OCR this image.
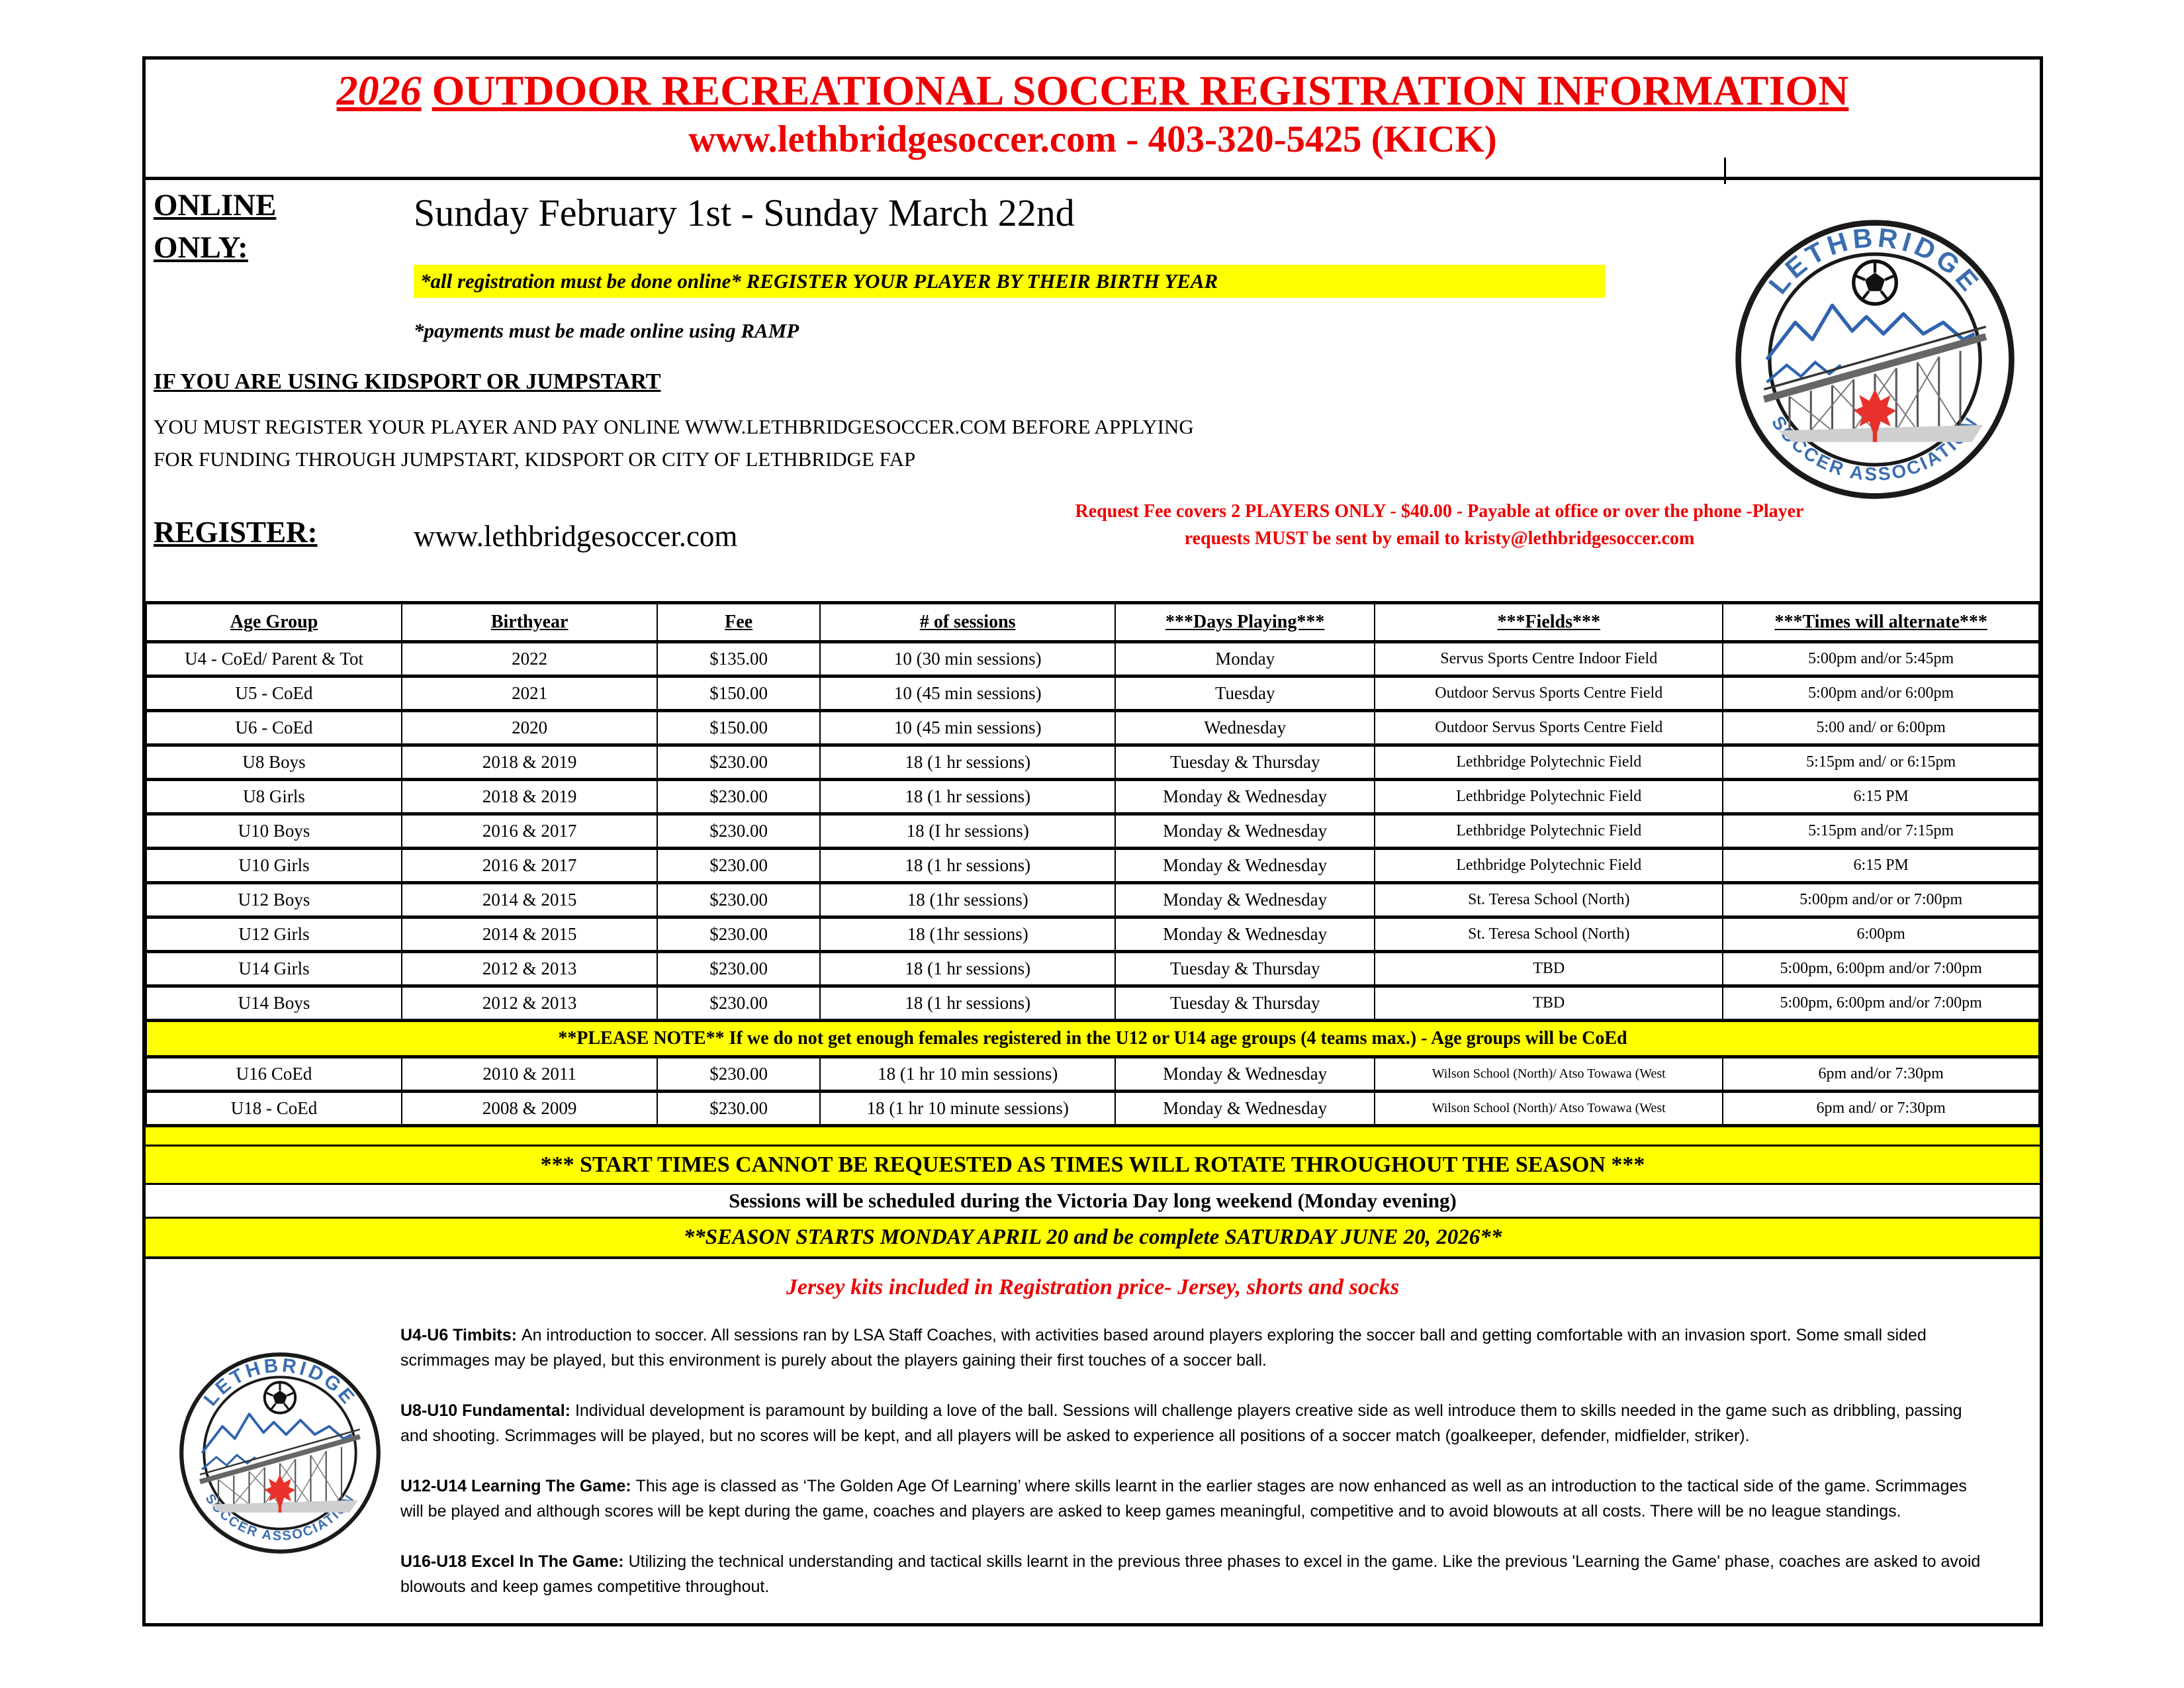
2026 OUTDOOR RECREATIONAL SOCCER REGISTRATION INFORMATION
www.lethbridgesoccer.com - 403-320-5425 (KICK)
ONLINE
ONLY:
Sunday February 1st - Sunday March 22nd
*all registration must be done online* REGISTER YOUR PLAYER BY THEIR BIRTH YEAR
*payments must be made online using RAMP
IF YOU ARE USING KIDSPORT OR JUMPSTART
YOU MUST REGISTER YOUR PLAYER AND PAY ONLINE WWW.LETHBRIDGESOCCER.COM BEFORE APPLYING
FOR FUNDING THROUGH JUMPSTART, KIDSPORT OR CITY OF LETHBRIDGE FAP
REGISTER:	www.lethbridgesoccer.com
Request Fee covers 2 PLAYERS ONLY - $40.00 - Payable at office or over the phone -Player
requests MUST be sent by email to kristy@lethbridgesoccer.com
Age Group	Birthyear	Fee	# of sessions	***Days Playing***	***Fields***	***Times will alternate***
U4 - CoEd/ Parent & Tot	2022	$135.00	10 (30 min sessions)	Monday	Servus Sports Centre Indoor Field	5:00pm and/or 5:45pm
U5 - CoEd	2021	$150.00	10 (45 min sessions)	Tuesday	Outdoor Servus Sports Centre Field	5:00pm and/or 6:00pm
U6 - CoEd	2020	$150.00	10 (45 min sessions)	Wednesday	Outdoor Servus Sports Centre Field	5:00 and/ or 6:00pm
U8 Boys	2018 & 2019	$230.00	18 (1 hr sessions)	Tuesday & Thursday	Lethbridge Polytechnic Field	5:15pm and/ or 6:15pm
U8 Girls	2018 & 2019	$230.00	18 (1 hr sessions)	Monday & Wednesday	Lethbridge Polytechnic Field	6:15 PM
U10 Boys	2016 & 2017	$230.00	18 (I hr sessions)	Monday & Wednesday	Lethbridge Polytechnic Field	5:15pm and/or 7:15pm
U10 Girls	2016 & 2017	$230.00	18 (1 hr sessions)	Monday & Wednesday	Lethbridge Polytechnic Field	6:15 PM
U12 Boys	2014 & 2015	$230.00	18 (1hr sessions)	Monday & Wednesday	St. Teresa School (North)	5:00pm and/or or 7:00pm
U12 Girls	2014 & 2015	$230.00	18 (1hr sessions)	Monday & Wednesday	St. Teresa School (North)	6:00pm
U14 Girls	2012 & 2013	$230.00	18 (1 hr sessions)	Tuesday & Thursday	TBD	5:00pm, 6:00pm and/or 7:00pm
U14 Boys	2012 & 2013	$230.00	18 (1 hr sessions)	Tuesday & Thursday	TBD	5:00pm, 6:00pm and/or 7:00pm
**PLEASE NOTE** If we do not get enough females registered in the U12 or U14 age groups (4 teams max.) - Age groups will be CoEd						
U16 CoEd	2010 & 2011	$230.00	18 (1 hr 10 min sessions)	Monday & Wednesday	Wilson School (North)/ Atso Towawa (West	6pm and/or 7:30pm
U18 - CoEd	2008 & 2009	$230.00	18 (1 hr 10 minute sessions)	Monday & Wednesday	Wilson School (North)/ Atso Towawa (West	6pm and/ or 7:30pm
*** START TIMES CANNOT BE REQUESTED AS TIMES WILL ROTATE THROUGHOUT THE SEASON ***
Sessions will be scheduled during the Victoria Day long weekend (Monday evening)
**SEASON STARTS MONDAY APRIL 20 and be complete SATURDAY JUNE 20, 2026**
Jersey kits included in Registration price- Jersey, shorts and socks

U4-U6 Timbits: An introduction to soccer. All sessions ran by LSA Staff Coaches, with activities based around players exploring the soccer ball and getting comfortable with an invasion sport. Some small sided scrimmages may be played, but this environment is purely about the players gaining their first touches of a soccer ball.

U8-U10 Fundamental: Individual development is paramount by building a love of the ball. Sessions will challenge players creative side as well introduce them to skills needed in the game such as dribbling, passing and shooting. Scrimmages will be played, but no scores will be kept, and all players will be asked to experience all positions of a soccer match (goalkeeper, defender, midfielder, striker).

U12-U14 Learning The Game: This age is classed as ‘The Golden Age Of Learning’ where skills learnt in the earlier stages are now enhanced as well as an introduction to the tactical side of the game. Scrimmages will be played and although scores will be kept during the game, coaches and players are asked to keep games meaningful, competitive and to avoid blowouts at all costs. There will be no league standings.

U16-U18 Excel In The Game: Utilizing the technical understanding and tactical skills learnt in the previous three phases to excel in the game. Like the previous 'Learning the Game' phase, coaches are asked to avoid blowouts and keep games competitive throughout.
